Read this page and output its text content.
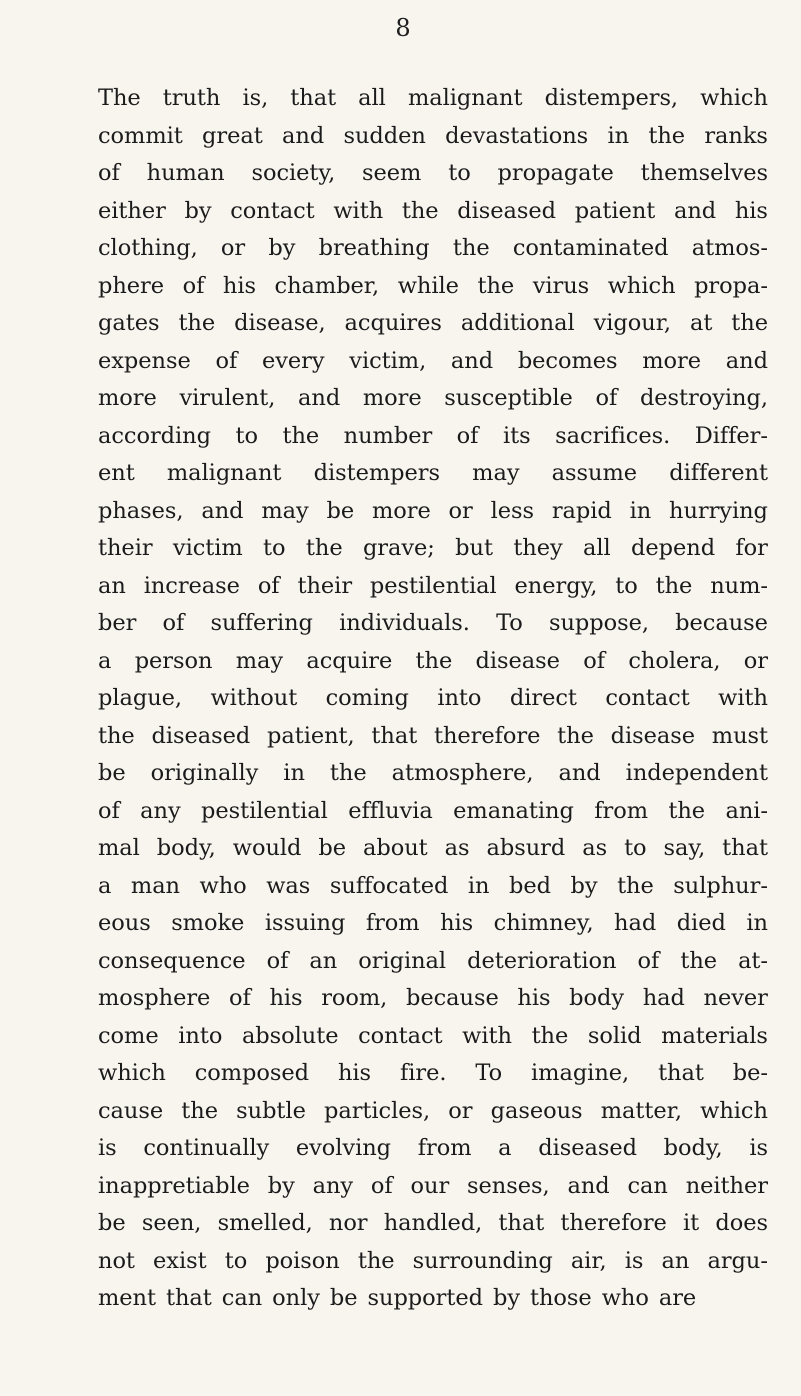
8
The truth is, that all malignant distempers, which
commit great and sudden devastations in the ranks
of human society, seem to propagate themselves
either by contact with the diseased patient and his
clothing, or by breathing the contaminated atmos-
phere of his chamber, while the virus which propa-
gates the disease, acquires additional vigour, at the
expense of every victim, and becomes more and
more virulent, and more susceptible of destroying,
according to the number of its sacrifices. Differ-
ent malignant distempers may assume different
phases, and may be more or less rapid in hurrying
their victim to the grave; but they all depend for
an increase of their pestilential energy, to the num-
ber of suffering individuals. To suppose, because
a person may acquire the disease of cholera, or
plague, without coming into direct contact with
the diseased patient, that therefore the disease must
be originally in the atmosphere, and independent
of any pestilential effluvia emanating from the ani-
mal body, would be about as absurd as to say, that
a man who was suffocated in bed by the sulphur-
eous smoke issuing from his chimney, had died in
consequence of an original deterioration of the at-
mosphere of his room, because his body had never
come into absolute contact with the solid materials
which composed his fire. To imagine, that be-
cause the subtle particles, or gaseous matter, which
is continually evolving from a diseased body, is
inappretiable by any of our senses, and can neither
be seen, smelled, nor handled, that therefore it does
not exist to poison the surrounding air, is an argu-
ment that can only be supported by those who are
